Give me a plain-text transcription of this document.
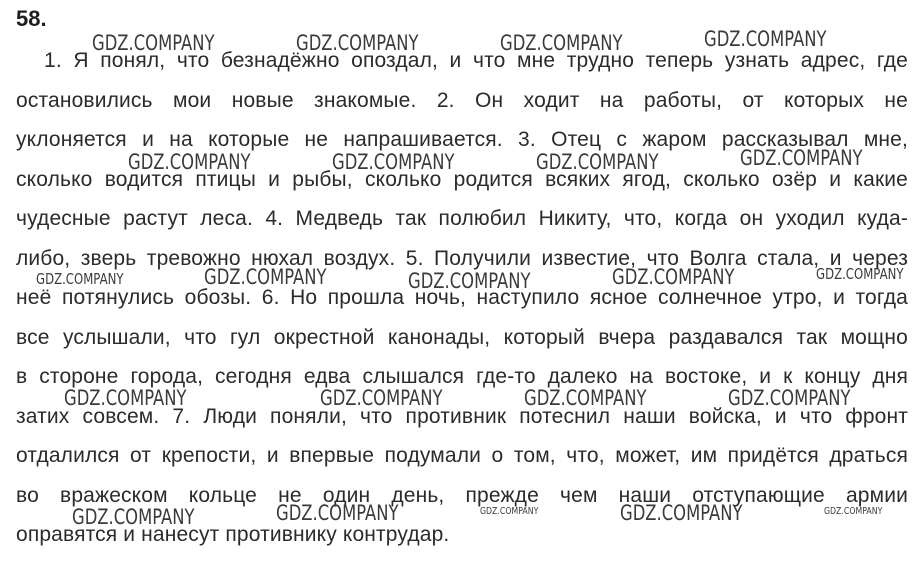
58.
1. Я понял, что безнадёжно опоздал, и что мне трудно теперь узнать адрес, где
остановились мои новые знакомые. 2. Он ходит на работы, от которых не
уклоняется и на которые не напрашивается. 3. Отец с жаром рассказывал мне,
сколько водится птицы и рыбы, сколько родится всяких ягод, сколько озёр и какие
чудесные растут леса. 4. Медведь так полюбил Никиту, что, когда он уходил куда-
либо, зверь тревожно нюхал воздух. 5. Получили известие, что Волга стала, и через
неё потянулись обозы. 6. Но прошла ночь, наступило ясное солнечное утро, и тогда
все услышали, что гул окрестной канонады, который вчера раздавался так мощно
в стороне города, сегодня едва слышался где-то далеко на востоке, и к концу дня
затих совсем. 7. Люди поняли, что противник потеснил наши войска, и что фронт
отдалился от крепости, и впервые подумали о том, что, может, им придётся драться
во вражеском кольце не один день, прежде чем наши отступающие армии
оправятся и нанесут противнику контрудар.
GDZ.COMPANY	GDZ.COMPANY	GDZ.COMPANY	GDZ.COMPANY
GDZ.COMPANY	GDZ.COMPANY	GDZ.COMPANY	GDZ.COMPANY
GDZ.COMPANY	GDZ.COMPANY	GDZ.COMPANY	GDZ.COMPANY	GDZ.COMPANY
GDZ.COMPANY	GDZ.COMPANY	GDZ.COMPANY	GDZ.COMPANY
GDZ.COMPANY	GDZ.COMPANY	GDZ.COMPANY	GDZ.COMPANY	GDZ.COMPANY
